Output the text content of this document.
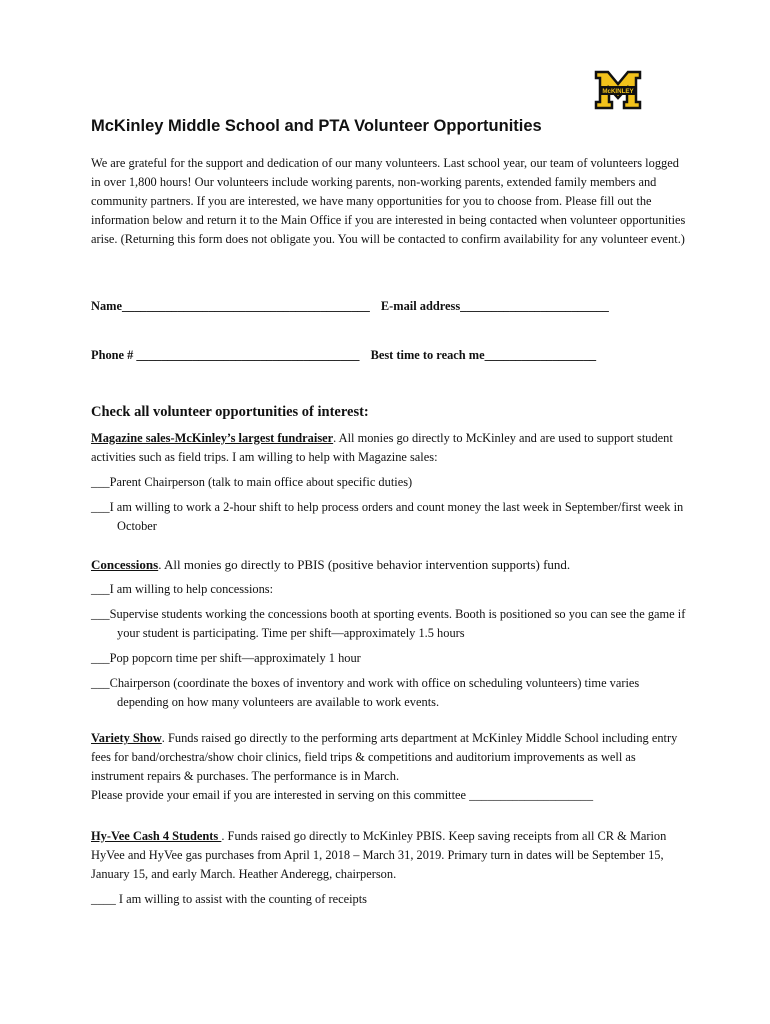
McKINLEY
McKinley Middle School and PTA Volunteer Opportunities

We are grateful for the support and dedication of our many volunteers. Last school year, our team of volunteers logged in over 1,800 hours! Our volunteers include working parents, non-working parents, extended family members and community partners. If you are interested, we have many opportunities for you to choose from. Please fill out the information below and return it to the Main Office if you are interested in being contacted when volunteer opportunities arise. (Returning this form does not obligate you. You will be contacted to confirm availability for any volunteer event.)

Name________________________________________ E-mail address________________________

Phone # ____________________________________ Best time to reach me__________________

Check all volunteer opportunities of interest:

Magazine sales-McKinley’s largest fundraiser. All monies go directly to McKinley and are used to support student activities such as field trips. I am willing to help with Magazine sales:

___Parent Chairperson (talk to main office about specific duties)

___I am willing to work a 2-hour shift to help process orders and count money the last week in September/first week in October

Concessions. All monies go directly to PBIS (positive behavior intervention supports) fund.

___I am willing to help concessions:

___Supervise students working the concessions booth at sporting events. Booth is positioned so you can see the game if your student is participating. Time per shift—approximately 1.5 hours

___Pop popcorn time per shift—approximately 1 hour

___Chairperson (coordinate the boxes of inventory and work with office on scheduling volunteers) time varies depending on how many volunteers are available to work events.

Variety Show. Funds raised go directly to the performing arts department at McKinley Middle School including entry fees for band/orchestra/show choir clinics, field trips & competitions and auditorium improvements as well as instrument repairs & purchases. The performance is in March.

Please provide your email if you are interested in serving on this committee ____________________

Hy-Vee Cash 4 Students . Funds raised go directly to McKinley PBIS. Keep saving receipts from all CR & Marion HyVee and HyVee gas purchases from April 1, 2018 – March 31, 2019. Primary turn in dates will be September 15, January 15, and early March. Heather Anderegg, chairperson.

____ I am willing to assist with the counting of receipts
